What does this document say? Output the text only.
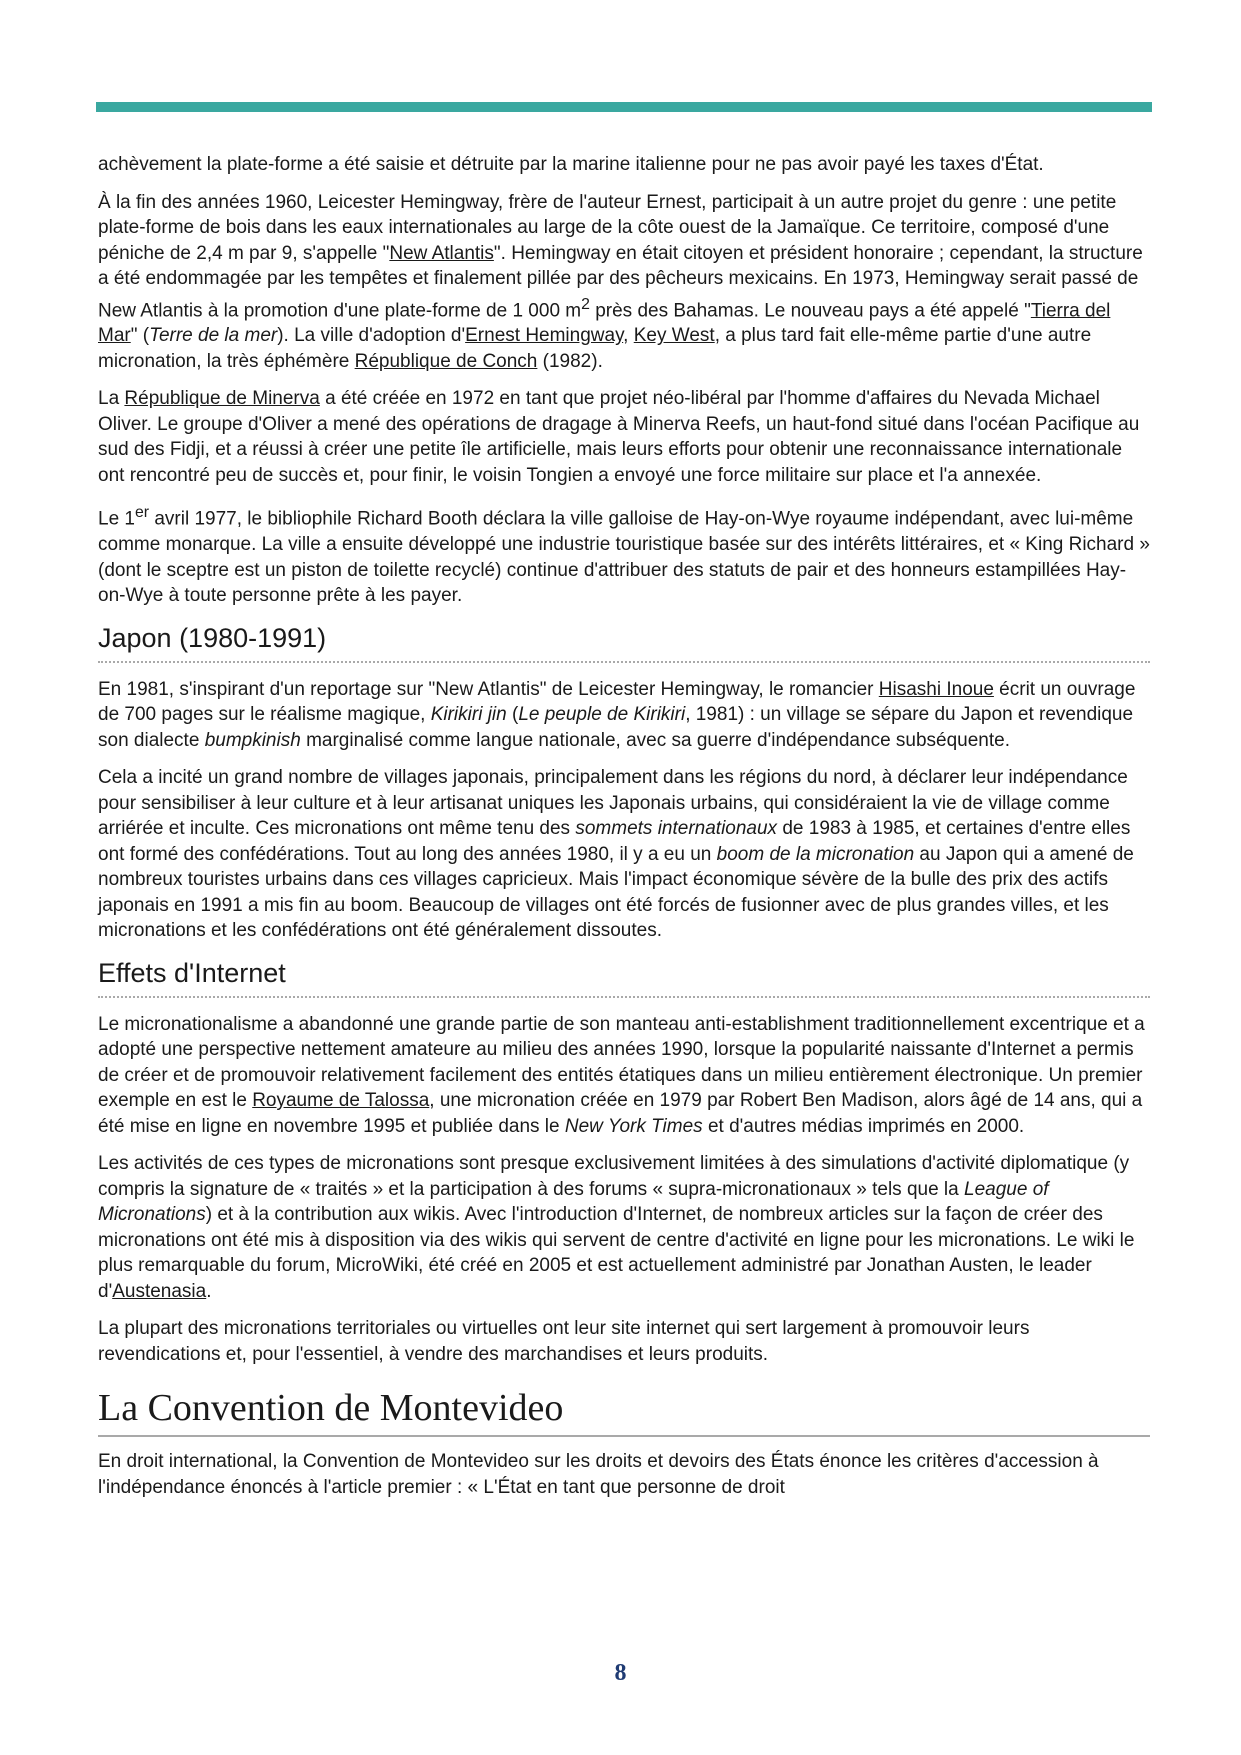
achèvement la plate-forme a été saisie et détruite par la marine italienne pour ne pas avoir payé les taxes d'État.

À la fin des années 1960, Leicester Hemingway, frère de l'auteur Ernest, participait à un autre projet du genre : une petite plate-forme de bois dans les eaux internationales au large de la côte ouest de la Jamaïque. Ce territoire, composé d'une péniche de 2,4 m par 9, s'appelle "New Atlantis". Hemingway en était citoyen et président honoraire ; cependant, la structure a été endommagée par les tempêtes et finalement pillée par des pêcheurs mexicains. En 1973, Hemingway serait passé de New Atlantis à la promotion d'une plate-forme de 1 000 $m^2$ près des Bahamas. Le nouveau pays a été appelé "Tierra del Mar" (Terre de la mer). La ville d'adoption d'Ernest Hemingway, Key West, a plus tard fait elle-même partie d'une autre micronation, la très éphémère République de Conch (1982).

La République de Minerva a été créée en 1972 en tant que projet néo-libéral par l'homme d'affaires du Nevada Michael Oliver. Le groupe d'Oliver a mené des opérations de dragage à Minerva Reefs, un haut-fond situé dans l'océan Pacifique au sud des Fidji, et a réussi à créer une petite île artificielle, mais leurs efforts pour obtenir une reconnaissance internationale ont rencontré peu de succès et, pour finir, le voisin Tongien a envoyé une force militaire sur place et l'a annexée.

Le 1er avril 1977, le bibliophile Richard Booth déclara la ville galloise de Hay-on-Wye royaume indépendant, avec lui-même comme monarque. La ville a ensuite développé une industrie touristique basée sur des intérêts littéraires, et « King Richard » (dont le sceptre est un piston de toilette recyclé) continue d'attribuer des statuts de pair et des honneurs estampillées Hay-on-Wye à toute personne prête à les payer.

Japon (1980-1991)

En 1981, s'inspirant d'un reportage sur "New Atlantis" de Leicester Hemingway, le romancier Hisashi Inoue écrit un ouvrage de 700 pages sur le réalisme magique, Kirikiri jin (Le peuple de Kirikiri, 1981) : un village se sépare du Japon et revendique son dialecte bumpkinish marginalisé comme langue nationale, avec sa guerre d'indépendance subséquente.

Cela a incité un grand nombre de villages japonais, principalement dans les régions du nord, à déclarer leur indépendance pour sensibiliser à leur culture et à leur artisanat uniques les Japonais urbains, qui considéraient la vie de village comme arriérée et inculte. Ces micronations ont même tenu des sommets internationaux de 1983 à 1985, et certaines d'entre elles ont formé des confédérations. Tout au long des années 1980, il y a eu un boom de la micronation au Japon qui a amené de nombreux touristes urbains dans ces villages capricieux. Mais l'impact économique sévère de la bulle des prix des actifs japonais en 1991 a mis fin au boom. Beaucoup de villages ont été forcés de fusionner avec de plus grandes villes, et les micronations et les confédérations ont été généralement dissoutes.

Effets d'Internet

Le micronationalisme a abandonné une grande partie de son manteau anti-establishment traditionnellement excentrique et a adopté une perspective nettement amateure au milieu des années 1990, lorsque la popularité naissante d'Internet a permis de créer et de promouvoir relativement facilement des entités étatiques dans un milieu entièrement électronique. Un premier exemple en est le Royaume de Talossa, une micronation créée en 1979 par Robert Ben Madison, alors âgé de 14 ans, qui a été mise en ligne en novembre 1995 et publiée dans le New York Times et d'autres médias imprimés en 2000.

Les activités de ces types de micronations sont presque exclusivement limitées à des simulations d'activité diplomatique (y compris la signature de « traités » et la participation à des forums « supra-micronationaux » tels que la League of Micronations) et à la contribution aux wikis. Avec l'introduction d'Internet, de nombreux articles sur la façon de créer des micronations ont été mis à disposition via des wikis qui servent de centre d'activité en ligne pour les micronations. Le wiki le plus remarquable du forum, MicroWiki, été créé en 2005 et est actuellement administré par Jonathan Austen, le leader d'Austenasia.

La plupart des micronations territoriales ou virtuelles ont leur site internet qui sert largement à promouvoir leurs revendications et, pour l'essentiel, à vendre des marchandises et leurs produits.

La Convention de Montevideo

En droit international, la Convention de Montevideo sur les droits et devoirs des États énonce les critères d'accession à l'indépendance énoncés à l'article premier : « L'État en tant que personne de droit

8
